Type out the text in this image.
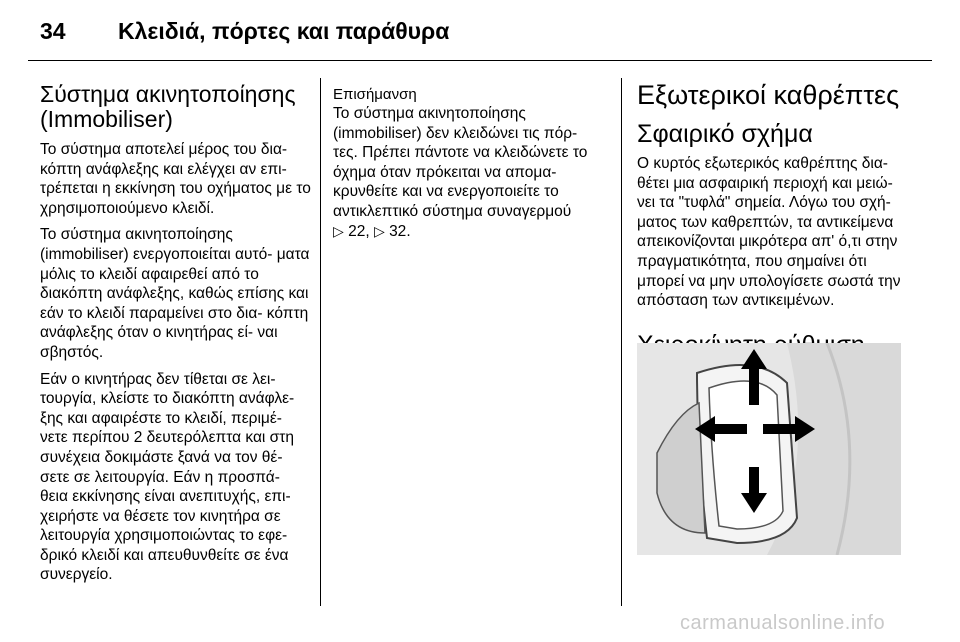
34 Κλειδιά, πόρτες και παράθυρα
Σύστημα ακινητοποίησης
(Immobiliser)

Το σύστημα αποτελεί μέρος του δια‑ κόπτη ανάφλεξης και ελέγχει αν επι‑ τρέπεται η εκκίνηση του οχήματος με το χρησιμοποιούμενο κλειδί.

Το σύστημα ακινητοποίησης (immobiliser) ενεργοποιείται αυτό‑ ματα μόλις το κλειδί αφαιρεθεί από το διακόπτη ανάφλεξης, καθώς επίσης και εάν το κλειδί παραμείνει στο δια‑ κόπτη ανάφλεξης όταν ο κινητήρας εί‑ ναι σβηστός.

Εάν ο κινητήρας δεν τίθεται σε λει‑ τουργία, κλείστε το διακόπτη ανάφλε‑ ξης και αφαιρέστε το κλειδί, περιμέ‑ νετε περίπου 2 δευτερόλεπτα και στη συνέχεια δοκιμάστε ξανά να τον θέ‑ σετε σε λειτουργία. Εάν η προσπά‑ θεια εκκίνησης είναι ανεπιτυχής, επι‑ χειρήστε να θέσετε τον κινητήρα σε λειτουργία χρησιμοποιώντας το εφε‑ δρικό κλειδί και απευθυνθείτε σε ένα συνεργείο.

Επισήμανση
Το σύστημα ακινητοποίησης (immobiliser) δεν κλειδώνει τις πόρ‑ τες. Πρέπει πάντοτε να κλειδώνετε το όχημα όταν πρόκειται να απομα‑ κρυνθείτε και να ενεργοποιείτε το αντικλεπτικό σύστημα συναγερμού
▷ 22, ▷ 32.
Εξωτερικοί καθρέπτες
Σφαιρικό σχήμα

Ο κυρτός εξωτερικός καθρέπτης δια‑ θέτει μια ασφαιρική περιοχή και μειώ‑ νει τα "τυφλά" σημεία. Λόγω του σχή‑ ματος των καθρεπτών, τα αντικείμενα απεικονίζονται μικρότερα απ' ό,τι στην πραγματικότητα, που σημαίνει ότι μπορεί να μην υπολογίσετε σωστά την απόσταση των αντικειμένων.

carmanualsonline.info
